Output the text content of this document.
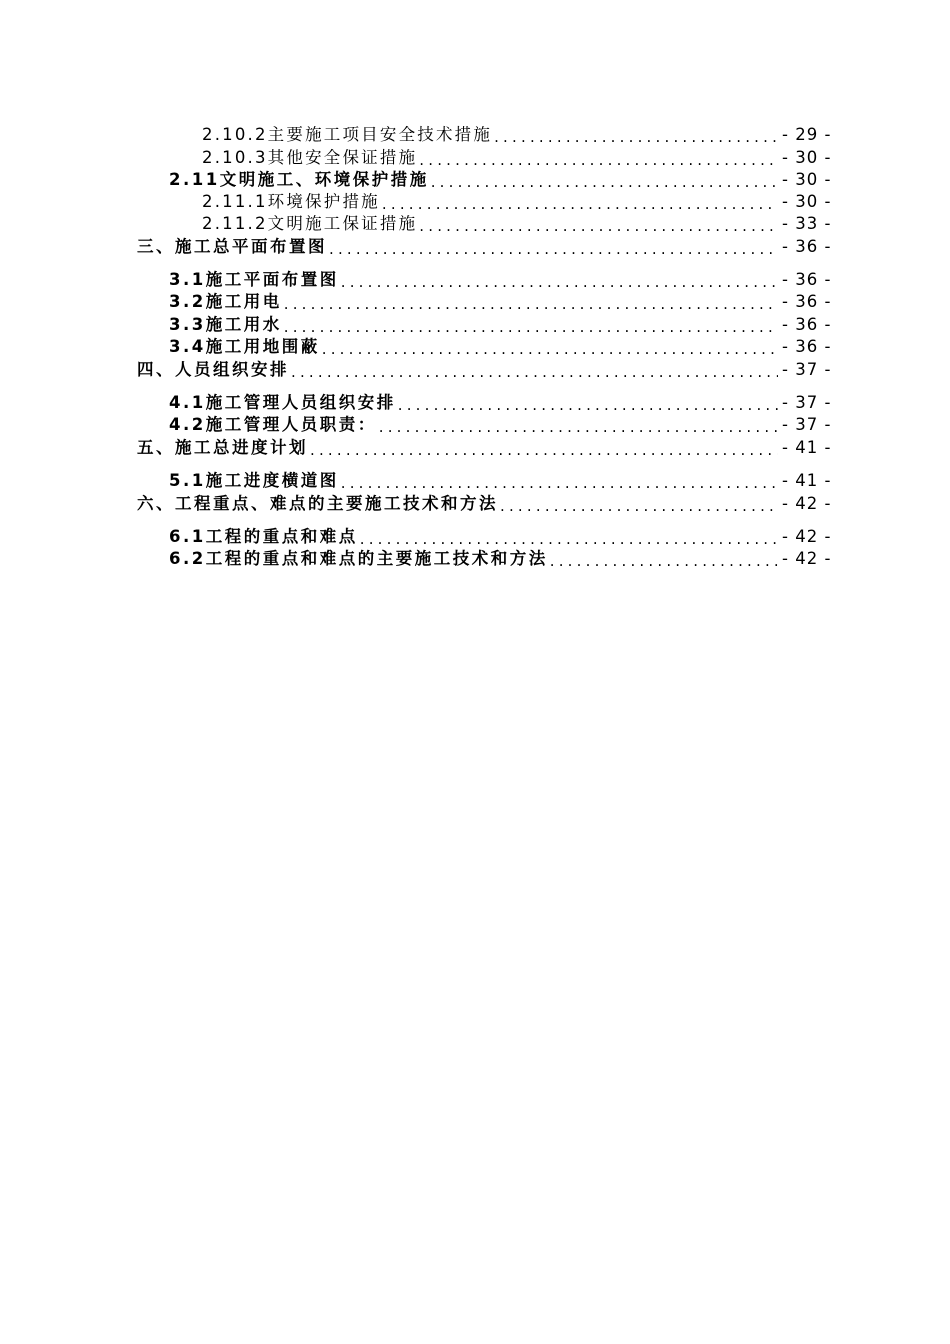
2.10.2主要施工项目安全技术措施 .....	- 29 -
2.10.3其他安全保证措施 .....	- 30 -
2.11文明施工、环境保护措施 .....	- 30 -
2.11.1环境保护措施 .....	- 30 -
2.11.2文明施工保证措施 .....	- 33 -
三、施工总平面布置图 .....	- 36 -
3.1施工平面布置图 .....	- 36 -
3.2施工用电 .....	- 36 -
3.3施工用水 .....	- 36 -
3.4施工用地围蔽 .....	- 36 -
四、人员组织安排 .....	- 37 -
4.1施工管理人员组织安排 .....	- 37 -
4.2施工管理人员职责： .....	- 37 -
五、施工总进度计划 .....	- 41 -
5.1施工进度横道图 .....	- 41 -
六、工程重点、难点的主要施工技术和方法 .....	- 42 -
6.1工程的重点和难点 .....	- 42 -
6.2工程的重点和难点的主要施工技术和方法 .....	- 42 -
